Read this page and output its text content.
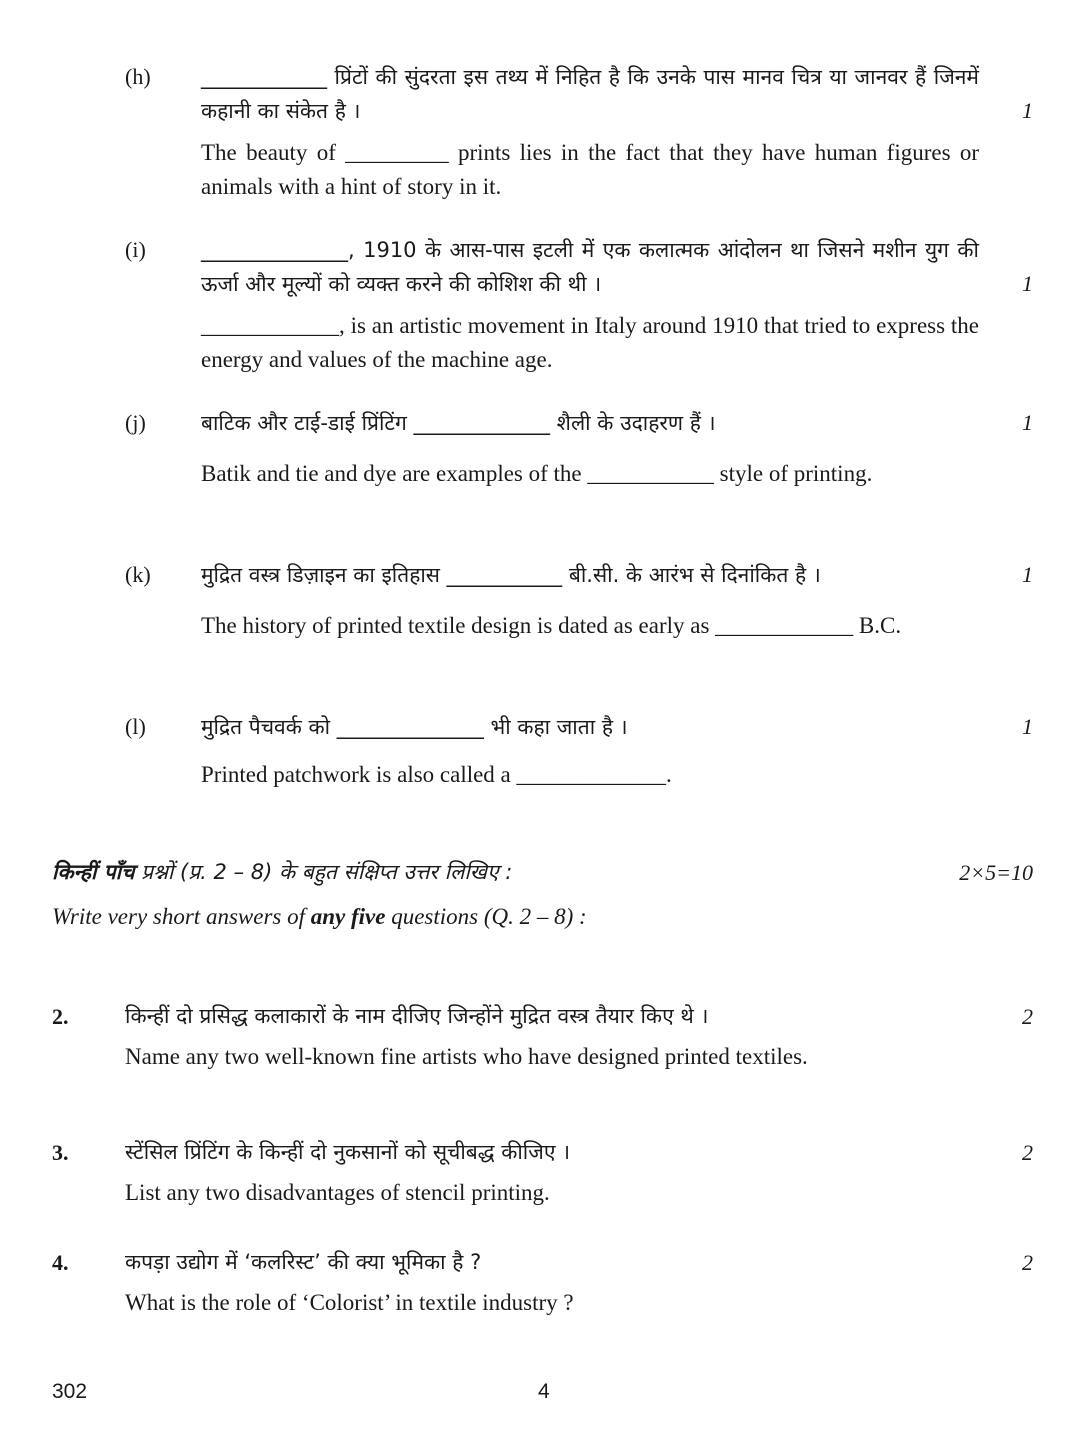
(h) ____________ प्रिंटों की सुंदरता इस तथ्य में निहित है कि उनके पास मानव चित्र या जानवर हैं जिनमें कहानी का संकेत है ।	1
The beauty of _________ prints lies in the fact that they have human figures or animals with a hint of story in it.
(i)	______________, 1910 के आस-पास इटली में एक कलात्मक आंदोलन था जिसने मशीन युग की ऊर्जा और मूल्यों को व्यक्त करने की कोशिश की थी ।	1
____________, is an artistic movement in Italy around 1910 that tried to express the energy and values of the machine age.
(j)	बाटिक और टाई-डाई प्रिंटिंग _____________ शैली के उदाहरण हैं ।	1
Batik and tie and dye are examples of the ___________ style of printing.
(k) मुद्रित वस्त्र डिज़ाइन का इतिहास ___________ बी.सी. के आरंभ से दिनांकित है ।	1
The history of printed textile design is dated as early as ____________ B.C.
(l)	मुद्रित पैचवर्क को ______________ भी कहा जाता है ।	1
Printed patchwork is also called a _____________.
किन्हीं पाँच प्रश्नों (प्र. 2 – 8) के बहुत संक्षिप्त उत्तर लिखिए :	2×5=10
Write very short answers of any five questions (Q. 2 – 8) :
2.	किन्हीं दो प्रसिद्ध कलाकारों के नाम दीजिए जिन्होंने मुद्रित वस्त्र तैयार किए थे ।	2
Name any two well-known fine artists who have designed printed textiles.
3.	स्टेंसिल प्रिंटिंग के किन्हीं दो नुकसानों को सूचीबद्ध कीजिए ।	2
List any two disadvantages of stencil printing.
4.	कपड़ा उद्योग में ‘कलरिस्ट’ की क्या भूमिका है ?	2
What is the role of ‘Colorist’ in textile industry ?
302	4
